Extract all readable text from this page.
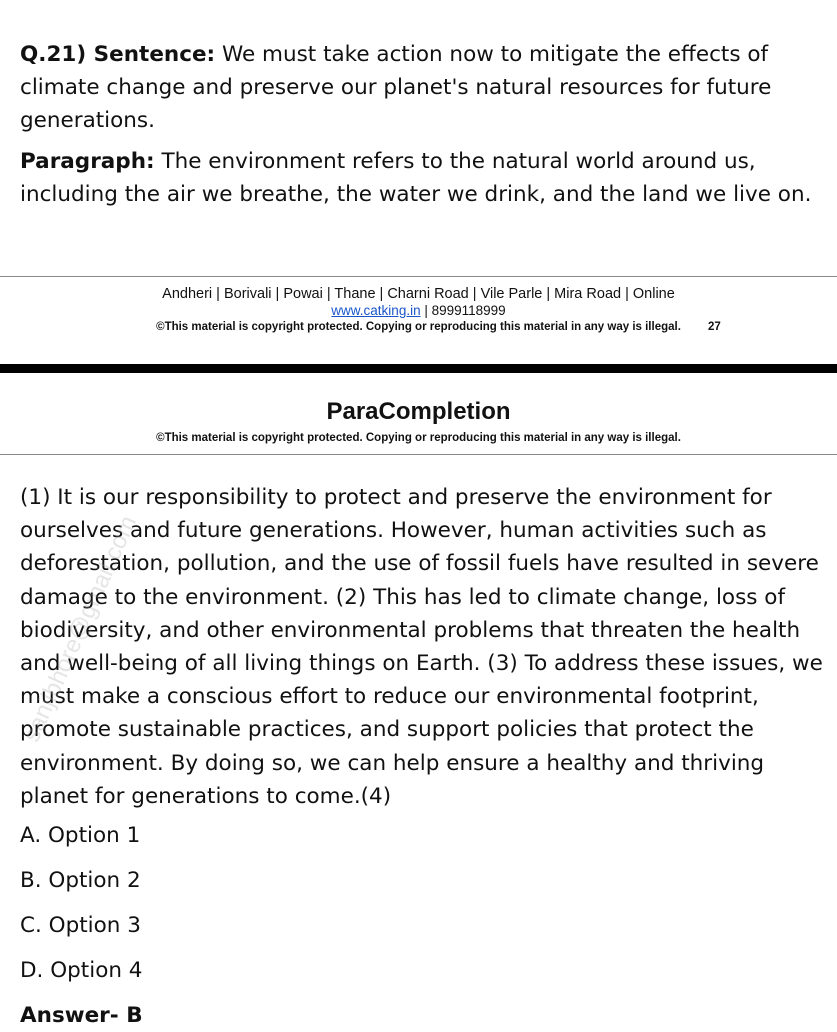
Q.21) Sentence: We must take action now to mitigate the effects of climate change and preserve our planet's natural resources for future generations.

Paragraph: The environment refers to the natural world around us, including the air we breathe, the water we drink, and the land we live on.

Andheri | Borivali | Powai | Thane | Charni Road | Vile Parle | Mira Road | Online
www.catking.in | 8999118999
©This material is copyright protected. Copying or reproducing this material in any way is illegal. 27
ParaCompletion
©This material is copyright protected. Copying or reproducing this material in any way is illegal.

(1) It is our responsibility to protect and preserve the environment for ourselves and future generations. However, human activities such as deforestation, pollution, and the use of fossil fuels have resulted in severe damage to the environment. (2) This has led to climate change, loss of biodiversity, and other environmental problems that threaten the health and well-being of all living things on Earth. (3) To address these issues, we must make a conscious effort to reduce our environmental footprint, promote sustainable practices, and support policies that protect the environment. By doing so, we can help ensure a healthy and thriving planet for generations to come.(4)

A. Option 1
B. Option 2
C. Option 3
D. Option 4
Answer- B
sanjibhore@gmail.com
